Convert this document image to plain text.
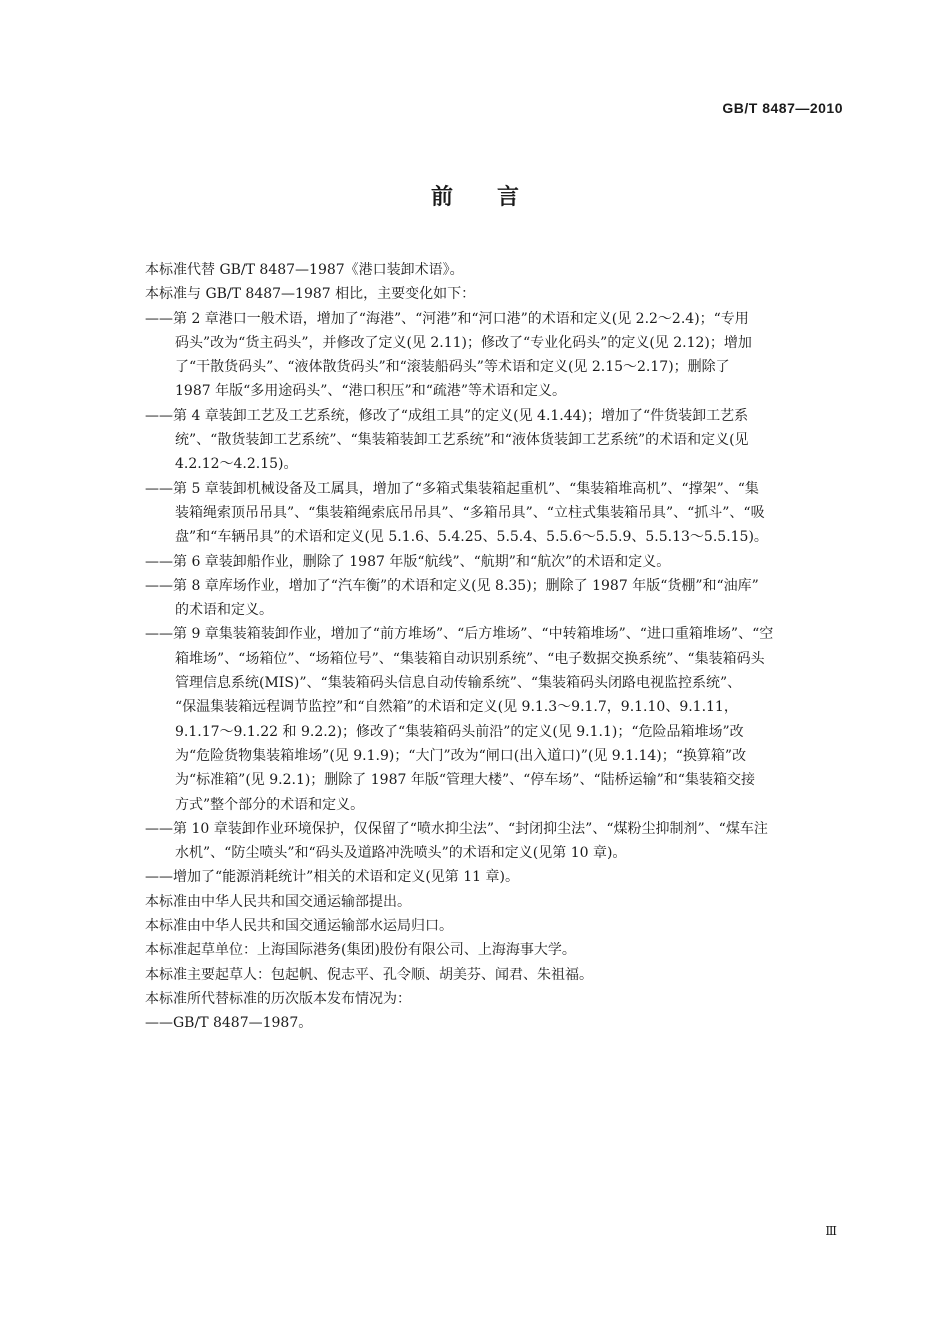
GB/T 8487—2010
前言

本标准代替 GB/T 8487—1987《港口装卸术语》。

本标准与 GB/T 8487—1987 相比，主要变化如下：

——第 2 章港口一般术语，增加了“海港”、“河港”和“河口港”的术语和定义(见 2.2～2.4)；“专用
码头”改为“货主码头”，并修改了定义(见 2.11)；修改了“专业化码头”的定义(见 2.12)；增加
了“干散货码头”、“液体散货码头”和“滚装船码头”等术语和定义(见 2.15～2.17)；删除了
1987 年版“多用途码头”、“港口积压”和“疏港”等术语和定义。
——第 4 章装卸工艺及工艺系统，修改了“成组工具”的定义(见 4.1.44)；增加了“件货装卸工艺系
统”、“散货装卸工艺系统”、“集装箱装卸工艺系统”和“液体货装卸工艺系统”的术语和定义(见
4.2.12～4.2.15)。
——第 5 章装卸机械设备及工属具，增加了“多箱式集装箱起重机”、“集装箱堆高机”、“撑架”、“集
装箱绳索顶吊吊具”、“集装箱绳索底吊吊具”、“多箱吊具”、“立柱式集装箱吊具”、“抓斗”、“吸
盘”和“车辆吊具”的术语和定义(见 5.1.6、5.4.25、5.5.4、5.5.6～5.5.9、5.5.13～5.5.15)。
——第 6 章装卸船作业，删除了 1987 年版“航线”、“航期”和“航次”的术语和定义。
——第 8 章库场作业，增加了“汽车衡”的术语和定义(见 8.35)；删除了 1987 年版“货棚”和“油库”
的术语和定义。
——第 9 章集装箱装卸作业，增加了“前方堆场”、“后方堆场”、“中转箱堆场”、“进口重箱堆场”、“空
箱堆场”、“场箱位”、“场箱位号”、“集装箱自动识别系统”、“电子数据交换系统”、“集装箱码头
管理信息系统(MIS)”、“集装箱码头信息自动传输系统”、“集装箱码头闭路电视监控系统”、
“保温集装箱远程调节监控”和“自然箱”的术语和定义(见 9.1.3～9.1.7，9.1.10、9.1.11，
9.1.17～9.1.22 和 9.2.2)；修改了“集装箱码头前沿”的定义(见 9.1.1)；“危险品箱堆场”改
为“危险货物集装箱堆场”(见 9.1.9)；“大门”改为“闸口(出入道口)”(见 9.1.14)；“换算箱”改
为“标准箱”(见 9.2.1)；删除了 1987 年版“管理大楼”、“停车场”、“陆桥运输”和“集装箱交接
方式”整个部分的术语和定义。
——第 10 章装卸作业环境保护，仅保留了“喷水抑尘法”、“封闭抑尘法”、“煤粉尘抑制剂”、“煤车注
水机”、“防尘喷头”和“码头及道路冲洗喷头”的术语和定义(见第 10 章)。
——增加了“能源消耗统计”相关的术语和定义(见第 11 章)。

本标准由中华人民共和国交通运输部提出。

本标准由中华人民共和国交通运输部水运局归口。

本标准起草单位：上海国际港务(集团)股份有限公司、上海海事大学。

本标准主要起草人：包起帆、倪志平、孔令顺、胡美芬、闻君、朱祖福。

本标准所代替标准的历次版本发布情况为：

——GB/T 8487—1987。
Ⅲ
